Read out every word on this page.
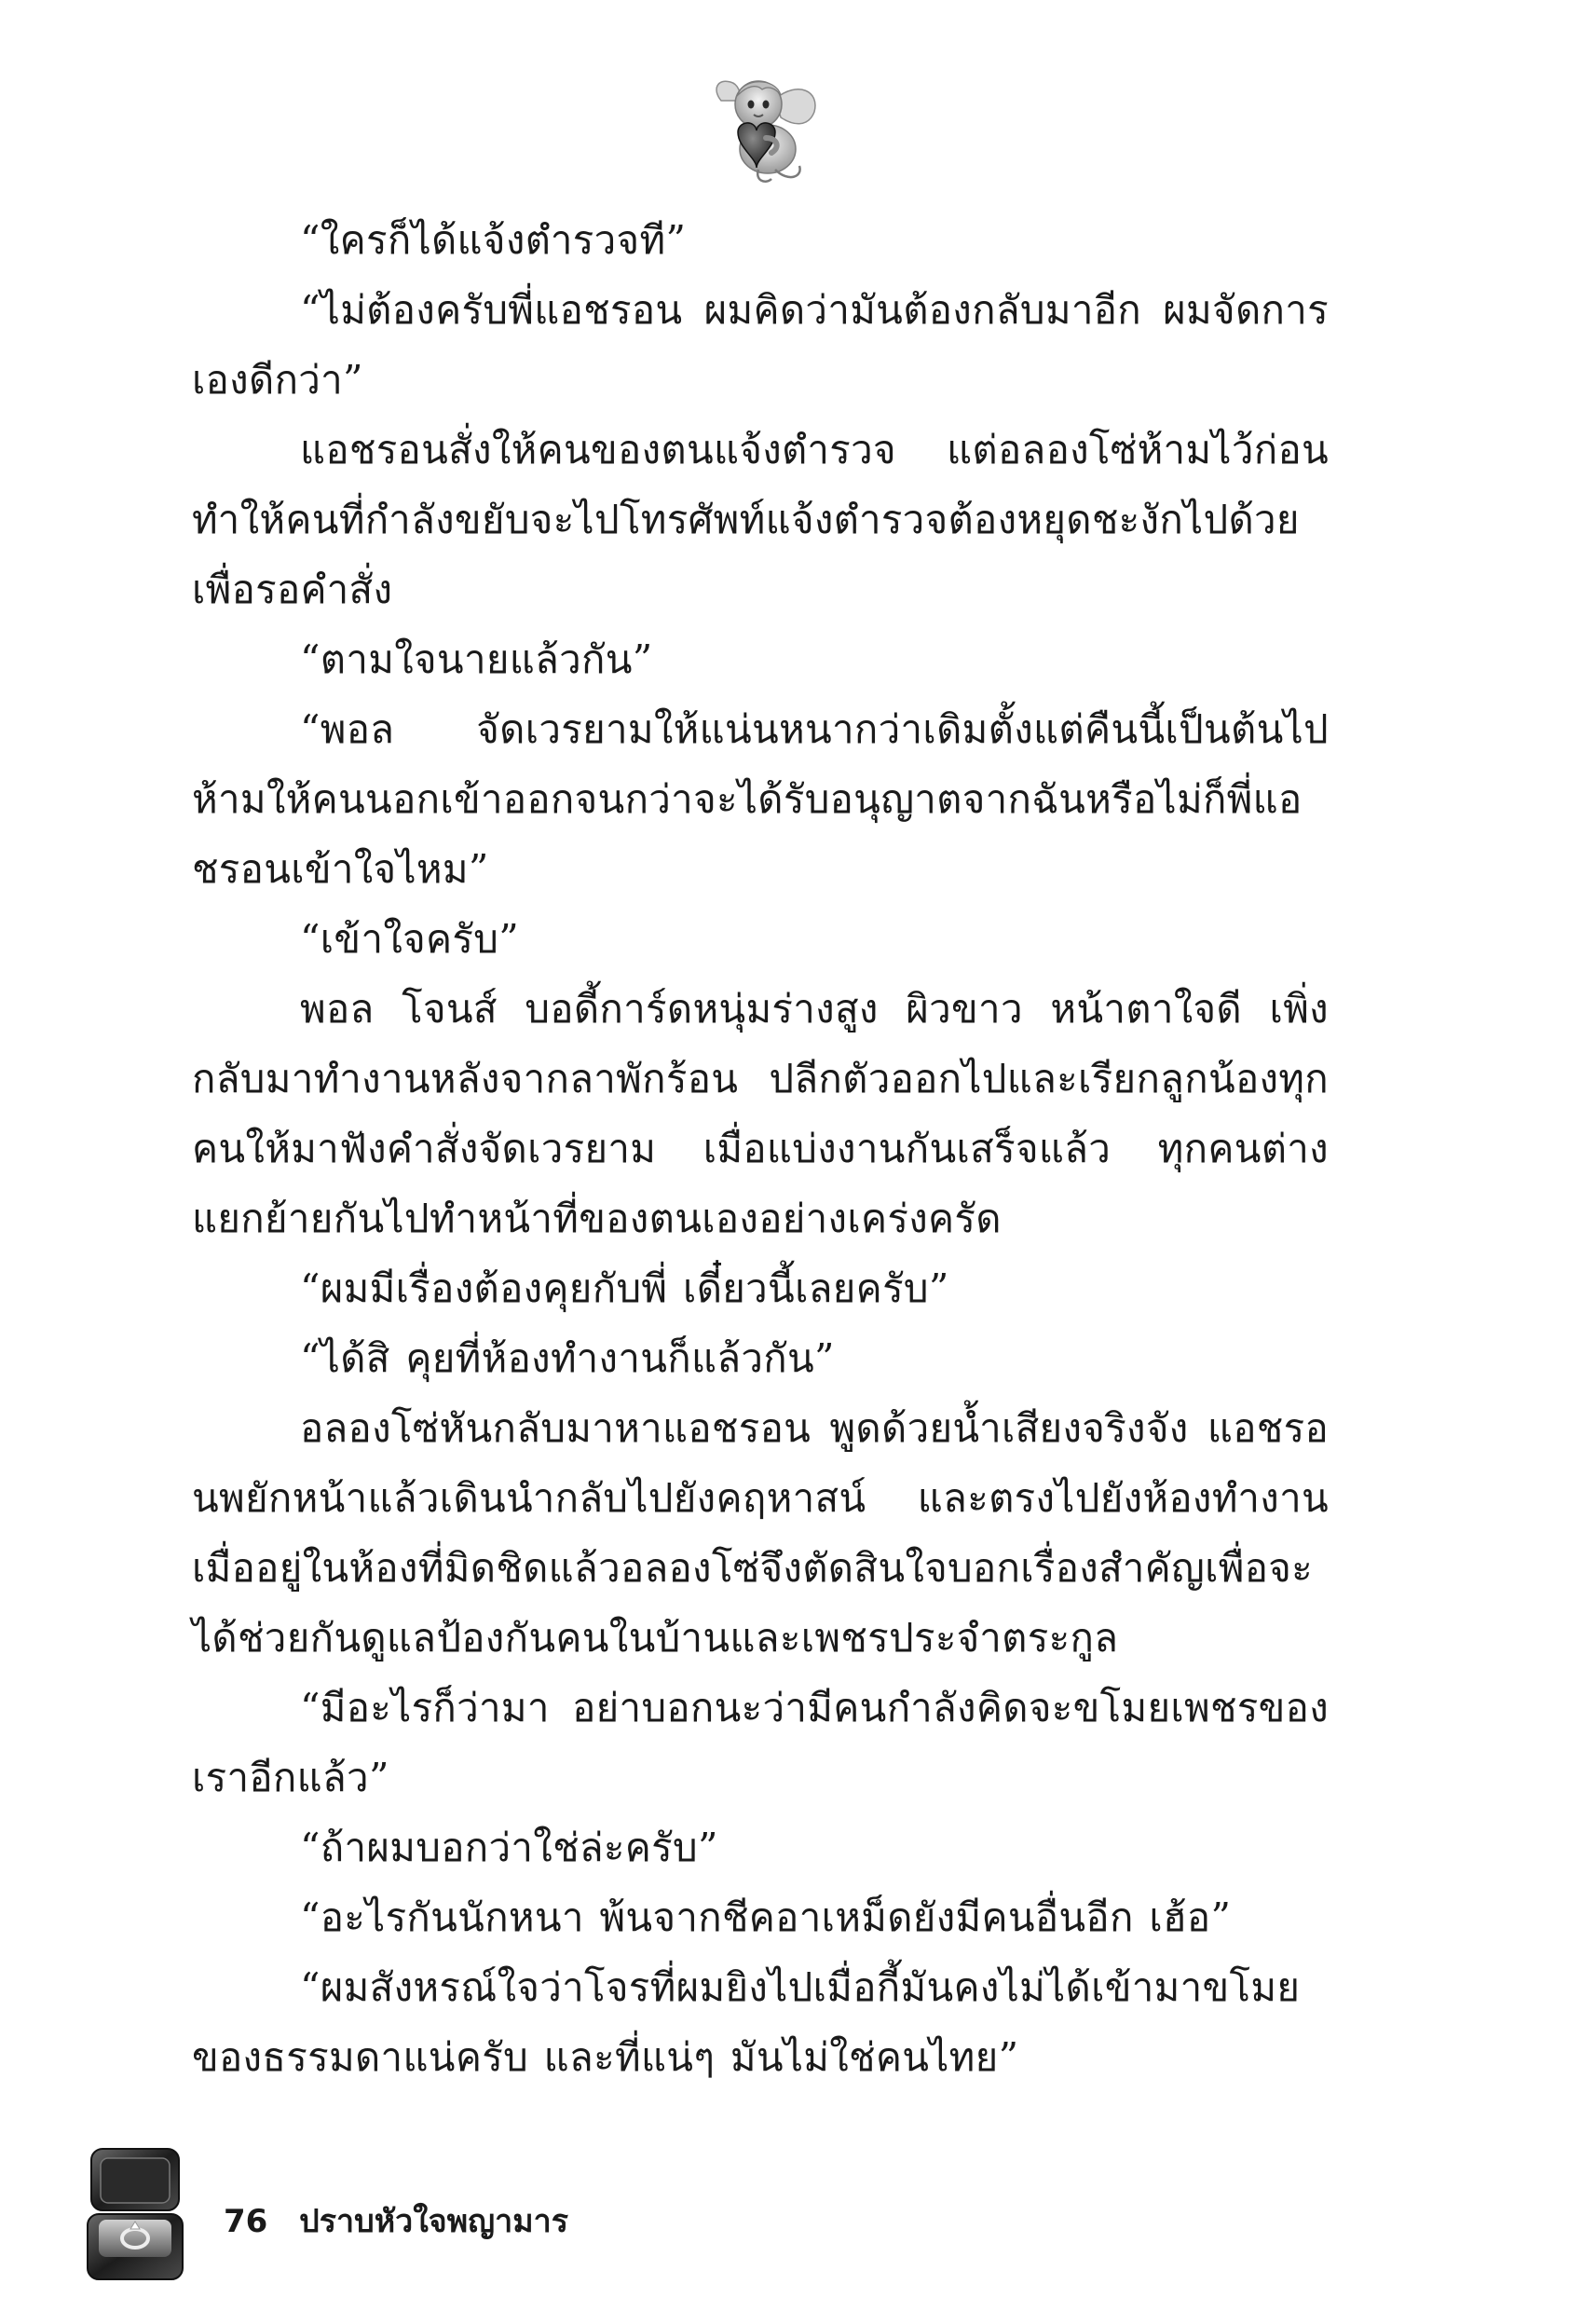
“ใครก็ได้แจ้งตำรวจที”

“ไม่ต้องครับพี่แอชรอน ผมคิดว่ามันต้องกลับมาอีก ผมจัดการเองดีกว่า”

แอชรอนสั่งให้คนของตนแจ้งตำรวจ แต่อลองโซ่ห้ามไว้ก่อน ทำให้คนที่กำลังขยับจะไปโทรศัพท์แจ้งตำรวจต้องหยุดชะงักไปด้วยเพื่อรอคำสั่ง

“ตามใจนายแล้วกัน”

“พอล จัดเวรยามให้แน่นหนากว่าเดิมตั้งแต่คืนนี้เป็นต้นไป ห้ามให้คนนอกเข้าออกจนกว่าจะได้รับอนุญาตจากฉันหรือไม่ก็พี่แอชรอนเข้าใจไหม”

“เข้าใจครับ”

พอล โจนส์ บอดี้การ์ดหนุ่มร่างสูง ผิวขาว หน้าตาใจดี เพิ่งกลับมาทำงานหลังจากลาพักร้อน ปลีกตัวออกไปและเรียกลูกน้องทุกคนให้มาฟังคำสั่งจัดเวรยาม เมื่อแบ่งงานกันเสร็จแล้ว ทุกคนต่างแยกย้ายกันไปทำหน้าที่ของตนเองอย่างเคร่งครัด

“ผมมีเรื่องต้องคุยกับพี่ เดี๋ยวนี้เลยครับ”

“ได้สิ คุยที่ห้องทำงานก็แล้วกัน”

อลองโซ่หันกลับมาหาแอชรอน พูดด้วยน้ำเสียงจริงจัง แอชรอนพยักหน้าแล้วเดินนำกลับไปยังคฤหาสน์ และตรงไปยังห้องทำงาน เมื่ออยู่ในห้องที่มิดชิดแล้วอลองโซ่จึงตัดสินใจบอกเรื่องสำคัญเพื่อจะได้ช่วยกันดูแลป้องกันคนในบ้านและเพชรประจำตระกูล

“มีอะไรก็ว่ามา อย่าบอกนะว่ามีคนกำลังคิดจะขโมยเพชรของเราอีกแล้ว”

“ถ้าผมบอกว่าใช่ล่ะครับ”

“อะไรกันนักหนา พ้นจากชีคอาเหม็ดยังมีคนอื่นอีก เฮ้อ”

“ผมสังหรณ์ใจว่าโจรที่ผมยิงไปเมื่อกี้มันคงไม่ได้เข้ามาขโมยของธรรมดาแน่ครับ และที่แน่ๆ มันไม่ใช่คนไทย”

76 ปราบหัวใจพญามาร
